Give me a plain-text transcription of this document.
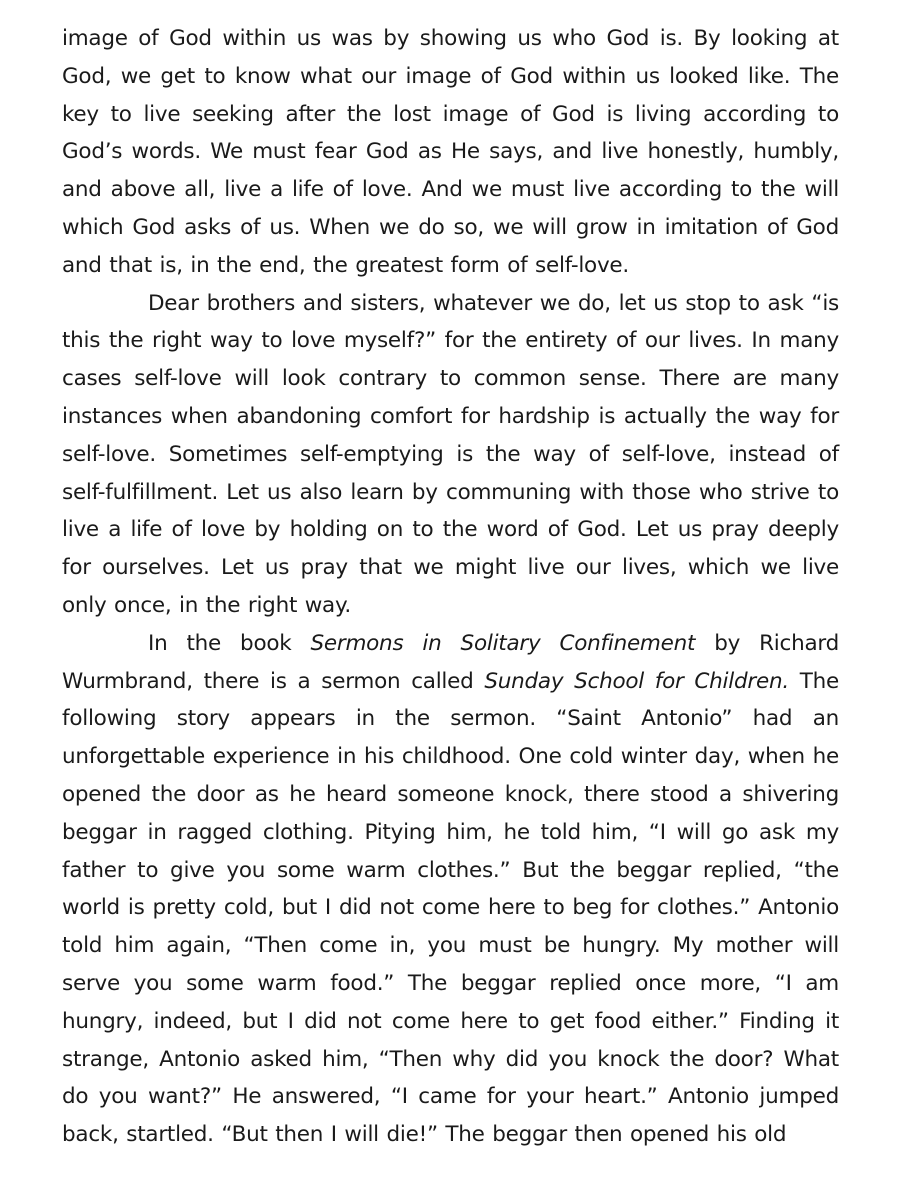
image of God within us was by showing us who God is. By looking at God, we get to know what our image of God within us looked like. The key to live seeking after the lost image of God is living according to God’s words. We must fear God as He says, and live honestly, humbly, and above all, live a life of love. And we must live according to the will which God asks of us. When we do so, we will grow in imitation of God and that is, in the end, the greatest form of self-love.

Dear brothers and sisters, whatever we do, let us stop to ask “is this the right way to love myself?” for the entirety of our lives. In many cases self-love will look contrary to common sense. There are many instances when abandoning comfort for hardship is actually the way for self-love. Sometimes self-emptying is the way of self-love, instead of self-fulfillment. Let us also learn by communing with those who strive to live a life of love by holding on to the word of God. Let us pray deeply for ourselves. Let us pray that we might live our lives, which we live only once, in the right way.

In the book Sermons in Solitary Confinement by Richard Wurmbrand, there is a sermon called Sunday School for Children. The following story appears in the sermon. “Saint Antonio” had an unforgettable experience in his childhood. One cold winter day, when he opened the door as he heard someone knock, there stood a shivering beggar in ragged clothing. Pitying him, he told him, “I will go ask my father to give you some warm clothes.” But the beggar replied, “the world is pretty cold, but I did not come here to beg for clothes.” Antonio told him again, “Then come in, you must be hungry. My mother will serve you some warm food.” The beggar replied once more, “I am hungry, indeed, but I did not come here to get food either.” Finding it strange, Antonio asked him, “Then why did you knock the door? What do you want?” He answered, “I came for your heart.” Antonio jumped back, startled. “But then I will die!” The beggar then opened his old
